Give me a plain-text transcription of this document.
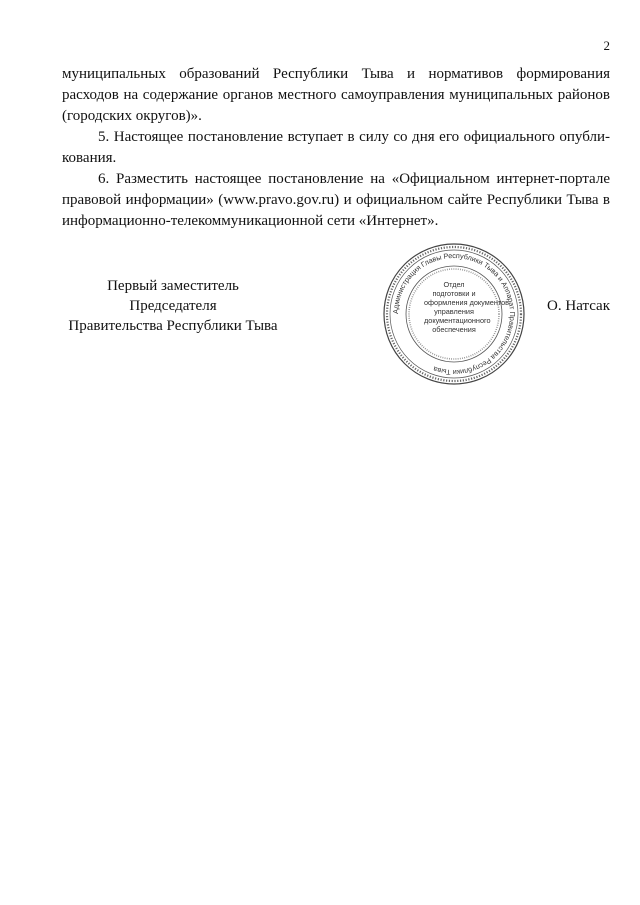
2

муниципальных образований Республики Тыва и нормативов формирования расходов на содержание органов местного самоуправления муниципальных районов (городских округов)».

5. Настоящее постановление вступает в силу со дня его официального опубли-кования.

6. Разместить настоящее постановление на «Официальном интернет-портале правовой информации» (www.pravo.gov.ru) и официальном сайте Республики Тыва в информационно-телекоммуникационной сети «Интернет».

Первый заместитель Председателя
Правительства Республики Тыва
Администрация Главы Республики Тыва и Аппарат Правительства Республики Тыва
Отдел
подготовки и
оформления документов
управления
документационного
обеспечения
О. Натсак
